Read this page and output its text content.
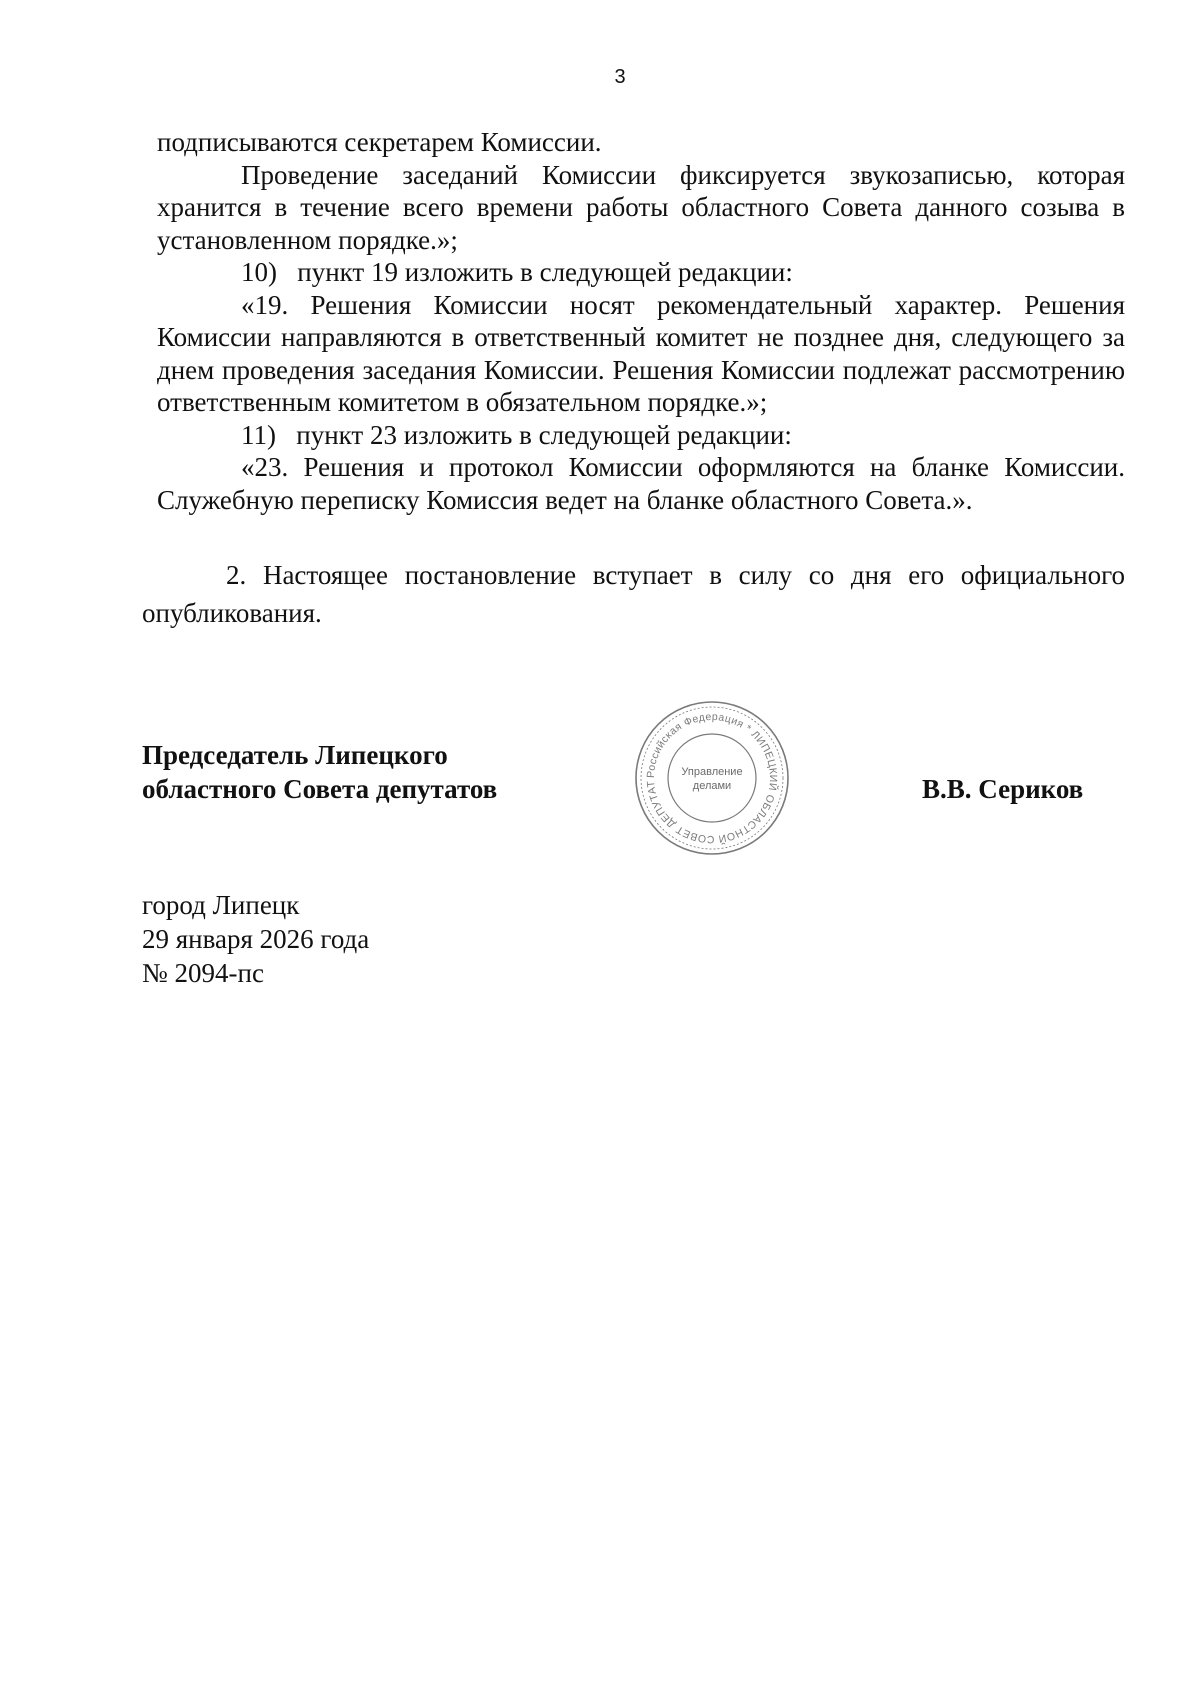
3

подписываются секретарем Комиссии.

Проведение заседаний Комиссии фиксируется звукозаписью, которая хранится в течение всего времени работы областного Совета данного созыва в установленном порядке.»;

10)   пункт 19 изложить в следующей редакции:

«19. Решения Комиссии носят рекомендательный характер. Решения Комиссии направляются в ответственный комитет не позднее дня, следующего за днем проведения заседания Комиссии. Решения Комиссии подлежат рассмотрению ответственным комитетом в обязательном порядке.»;

11)   пункт 23 изложить в следующей редакции:

«23. Решения и протокол Комиссии оформляются на бланке Комиссии. Служебную переписку Комиссия ведет на бланке областного Совета.».

2. Настоящее постановление вступает в силу со дня его официального опубликования.

Председатель Липецкого
областного Совета депутатов	Российская Федерация * ЛИПЕЦКИЙ ОБЛАСТНОЙ СОВЕТ ДЕПУТАТ
Управление
делами	В.В. Сериков
город Липецк
29 января 2026 года
№ 2094-пс
